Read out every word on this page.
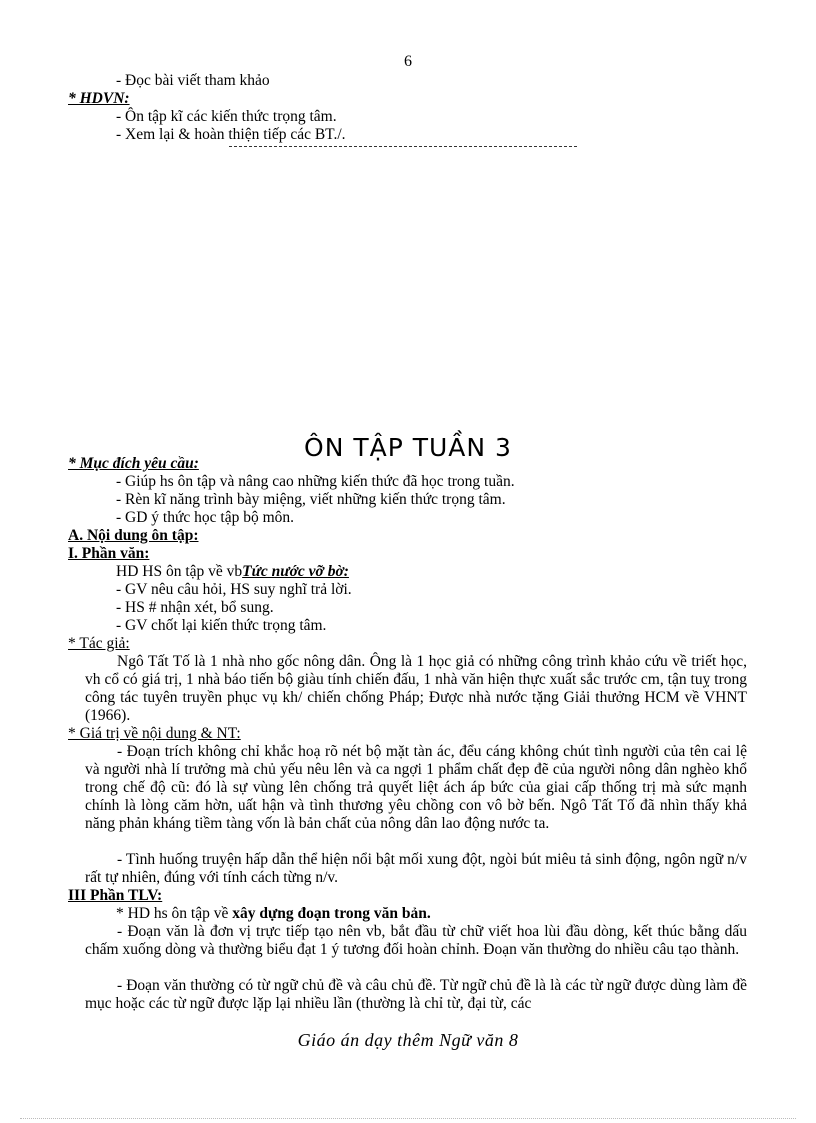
6
- Đọc bài viết tham khảo
* HDVN:
- Ôn tập kĩ các kiến thức trọng tâm.
- Xem lại & hoàn thiện tiếp các BT./.
ÔN TẬP TUẦN 3
* Mục đích yêu cầu:
- Giúp hs ôn tập và nâng cao những kiến thức đã học trong tuần.
- Rèn kĩ năng trình bày miệng, viết những kiến thức trọng tâm.
- GD ý thức học tập bộ môn.
A. Nội dung ôn tập:
I. Phần văn:
HD HS ôn tập về vbTức nước vỡ bờ:
- GV nêu câu hỏi, HS suy nghĩ trả lời.
- HS # nhận xét, bổ sung.
- GV chốt lại kiến thức trọng tâm.
* Tác giả:
Ngô Tất Tố là 1 nhà nho gốc nông dân. Ông là 1 học giả có những công trình khảo cứu về triết học, vh cổ có giá trị, 1 nhà báo tiến bộ giàu tính chiến đấu, 1 nhà văn hiện thực xuất sắc trước cm, tận tuỵ trong công tác tuyên truyền phục vụ kh/ chiến chống Pháp; Được nhà nước tặng Giải thưởng HCM về VHNT (1966).
* Giá trị về nội dung & NT:
- Đoạn trích không chỉ khắc hoạ rõ nét bộ mặt tàn ác, đểu cáng không chút tình người của tên cai lệ và người nhà lí trưởng mà chủ yếu nêu lên và ca ngợi 1 phẩm chất đẹp đẽ của người nông dân nghèo khổ trong chế độ cũ: đó là sự vùng lên chống trả quyết liệt ách áp bức của giai cấp thống trị mà sức mạnh chính là lòng căm hờn, uất hận và tình thương yêu chồng con vô bờ bến. Ngô Tất Tố đã nhìn thấy khả năng phản kháng tiềm tàng vốn là bản chất của nông dân lao động nước ta.
- Tình huống truyện hấp dẫn thể hiện nổi bật mối xung đột, ngòi bút miêu tả sinh động, ngôn ngữ n/v rất tự nhiên, đúng với tính cách từng n/v.
III Phần TLV:
* HD hs ôn tập về xây dựng đoạn trong văn bản.
- Đoạn văn là đơn vị trực tiếp tạo nên vb, bắt đầu từ chữ viết hoa lùi đầu dòng, kết thúc bằng dấu chấm xuống dòng và thường biểu đạt 1 ý tương đối hoàn chỉnh. Đoạn văn thường do nhiều câu tạo thành.
- Đoạn văn thường có từ ngữ chủ đề và câu chủ đề. Từ ngữ chủ đề là là các từ ngữ được dùng làm đề mục hoặc các từ ngữ được lặp lại nhiều lần (thường là chỉ từ, đại từ, các
Giáo án dạy thêm Ngữ văn 8
